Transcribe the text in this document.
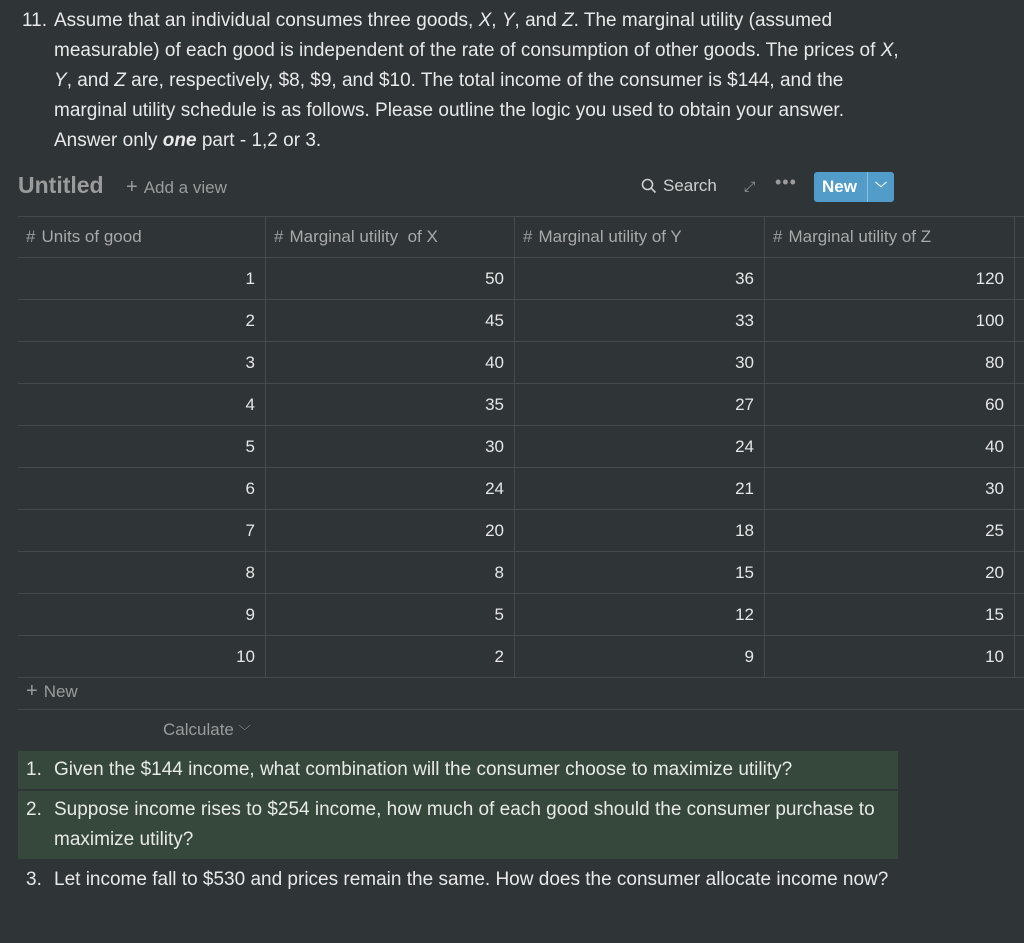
11. Assume that an individual consumes three goods, X, Y, and Z. The marginal utility (assumed measurable) of each good is independent of the rate of consumption of other goods. The prices of X, Y, and Z are, respectively, $8, $9, and $10. The total income of the consumer is $144, and the marginal utility schedule is as follows. Please outline the logic you used to obtain your answer. Answer only one part - 1,2 or 3.
Untitled + Add a view	Search ⤢ •••	New	﹀
# Units of good	# Marginal utility  of X	# Marginal utility of Y	# Marginal utility of Z
1	50	36	120
2	45	33	100
3	40	30	80
4	35	27	60
5	30	24	40
6	24	21	30
7	20	18	25
8	8	15	20
9	5	12	15
10	2	9	10
+ New
Calculate ﹀
1. Given the $144 income, what combination will the consumer choose to maximize utility?
2. Suppose income rises to $254 income, how much of each good should the consumer purchase to maximize utility?
3. Let income fall to $530 and prices remain the same. How does the consumer allocate income now?
